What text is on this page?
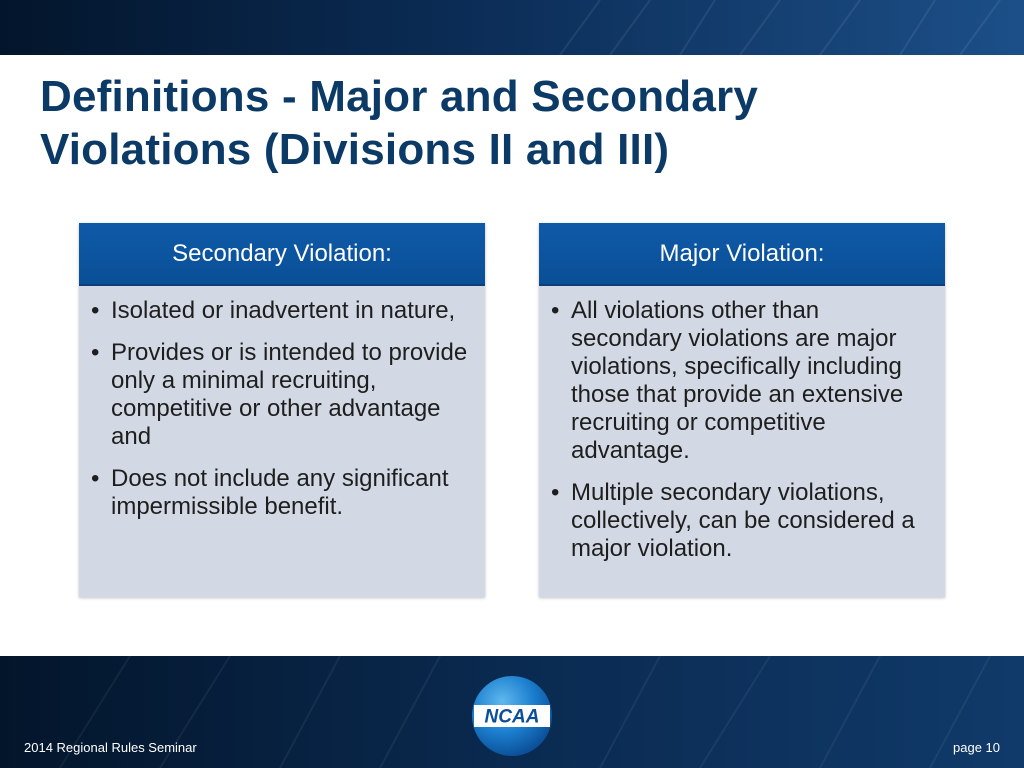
Definitions - Major and Secondary
Violations (Divisions II and III)
Secondary Violation:
• Isolated or inadvertent in nature,
• Provides or is intended to provide only a minimal recruiting, competitive or other advantage and
• Does not include any significant impermissible benefit.
Major Violation:
• All violations other than secondary violations are major violations, specifically including those that provide an extensive recruiting or competitive advantage.
• Multiple secondary violations, collectively, can be considered a major violation.
NCAA
2014 Regional Rules Seminar	page 10
